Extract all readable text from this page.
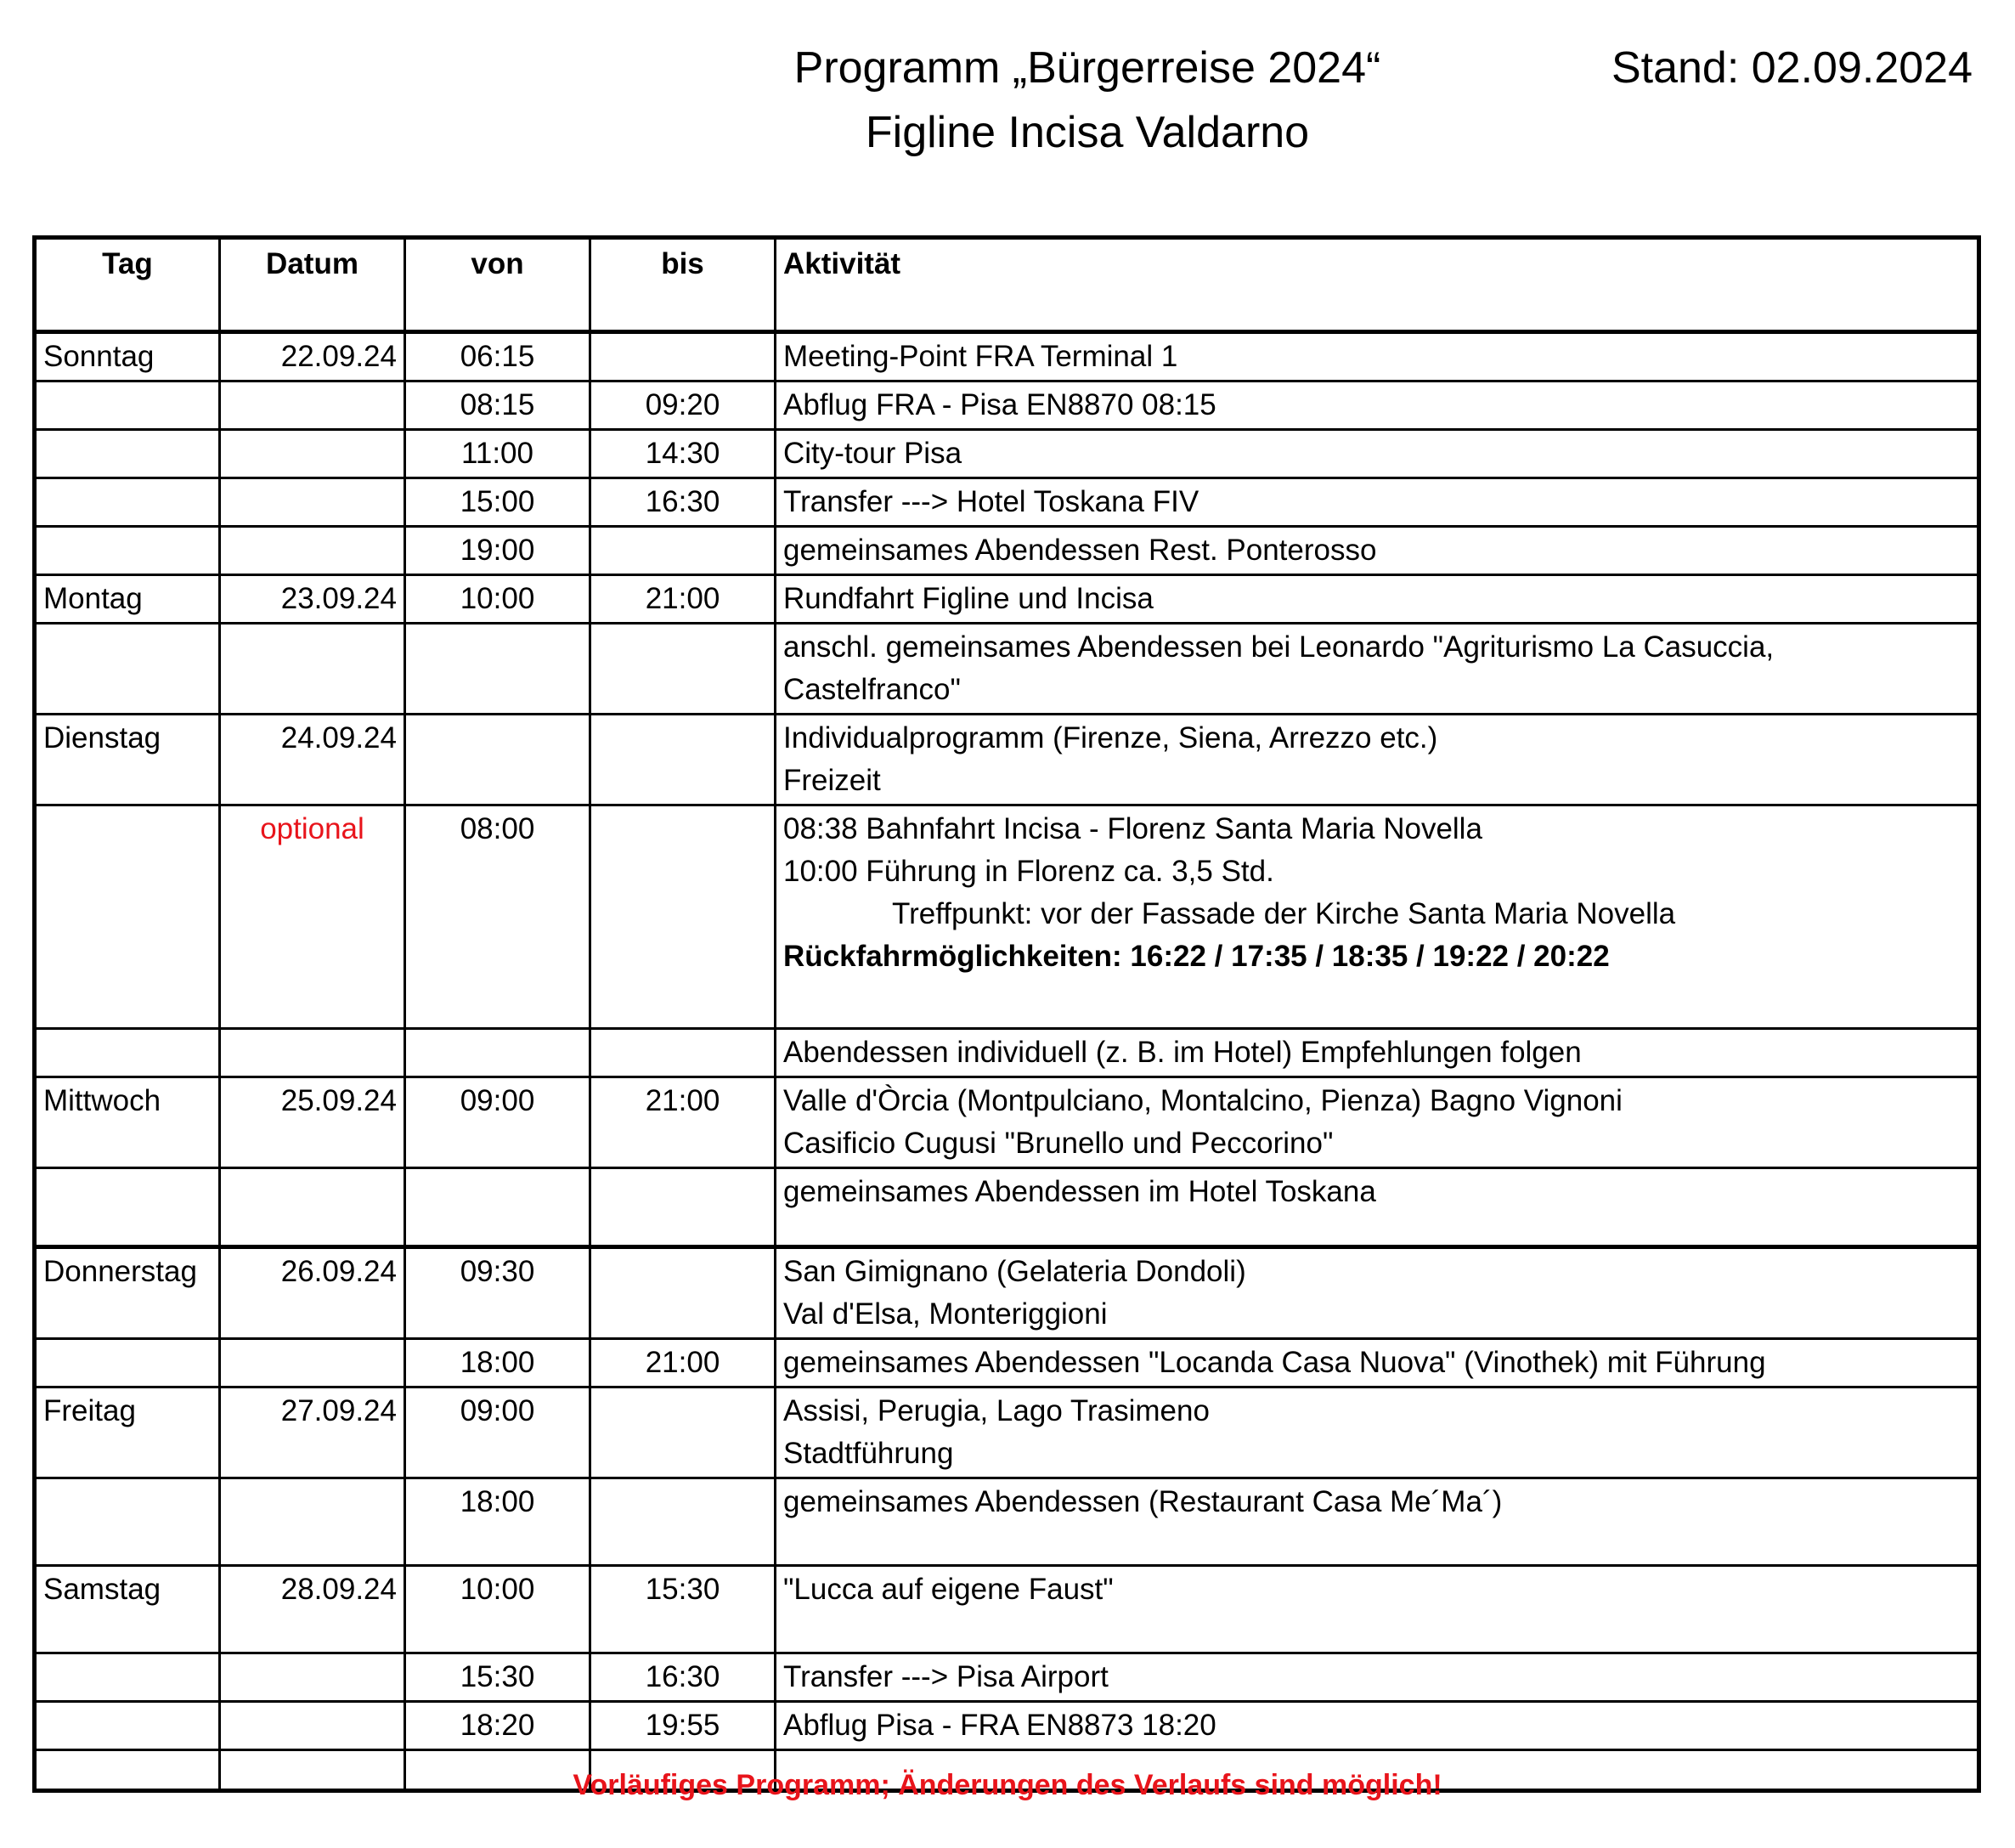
Programm „Bürgerreise 2024“
Figline Incisa Valdarno
Stand: 02.09.2024
Tag	Datum	von	bis	Aktivität
Sonntag	22.09.24	06:15		Meeting-Point FRA Terminal 1

		08:15	09:20	Abflug FRA - Pisa EN8870 08:15

		11:00	14:30	City-tour Pisa

		15:00	16:30	Transfer ---> Hotel Toskana FIV

		19:00		gemeinsames Abendessen Rest. Ponterosso

Montag	23.09.24	10:00	21:00	Rundfahrt Figline und Incisa

				anschl. gemeinsames Abendessen bei Leonardo "Agriturismo La Casuccia,
Castelfranco"

Dienstag	24.09.24			Individualprogramm (Firenze, Siena, Arrezzo etc.)
Freizeit

	optional	08:00		08:38 Bahnfahrt Incisa - Florenz Santa Maria Novella
10:00 Führung in Florenz ca. 3,5 Std.
Treffpunkt: vor der Fassade der Kirche Santa Maria Novella
Rückfahrmöglichkeiten: 16:22 / 17:35 / 18:35 / 19:22 / 20:22

				Abendessen individuell (z. B. im Hotel) Empfehlungen folgen

Mittwoch	25.09.24	09:00	21:00	Valle d'Òrcia (Montpulciano, Montalcino, Pienza) Bagno Vignoni
Casificio Cugusi "Brunello und Peccorino"

				gemeinsames Abendessen im Hotel Toskana

Donnerstag	26.09.24	09:30		San Gimignano (Gelateria Dondoli)
Val d'Elsa, Monteriggioni

		18:00	21:00	gemeinsames Abendessen "Locanda Casa Nuova" (Vinothek) mit Führung

Freitag	27.09.24	09:00		Assisi, Perugia, Lago Trasimeno
Stadtführung

		18:00		gemeinsames Abendessen (Restaurant Casa Me´Ma´)

Samstag	28.09.24	10:00	15:30	"Lucca auf eigene Faust"

		15:30	16:30	Transfer ---> Pisa Airport

		18:20	19:55	Abflug Pisa - FRA EN8873 18:20

Vorläufiges Programm; Änderungen des Verlaufs sind möglich!
